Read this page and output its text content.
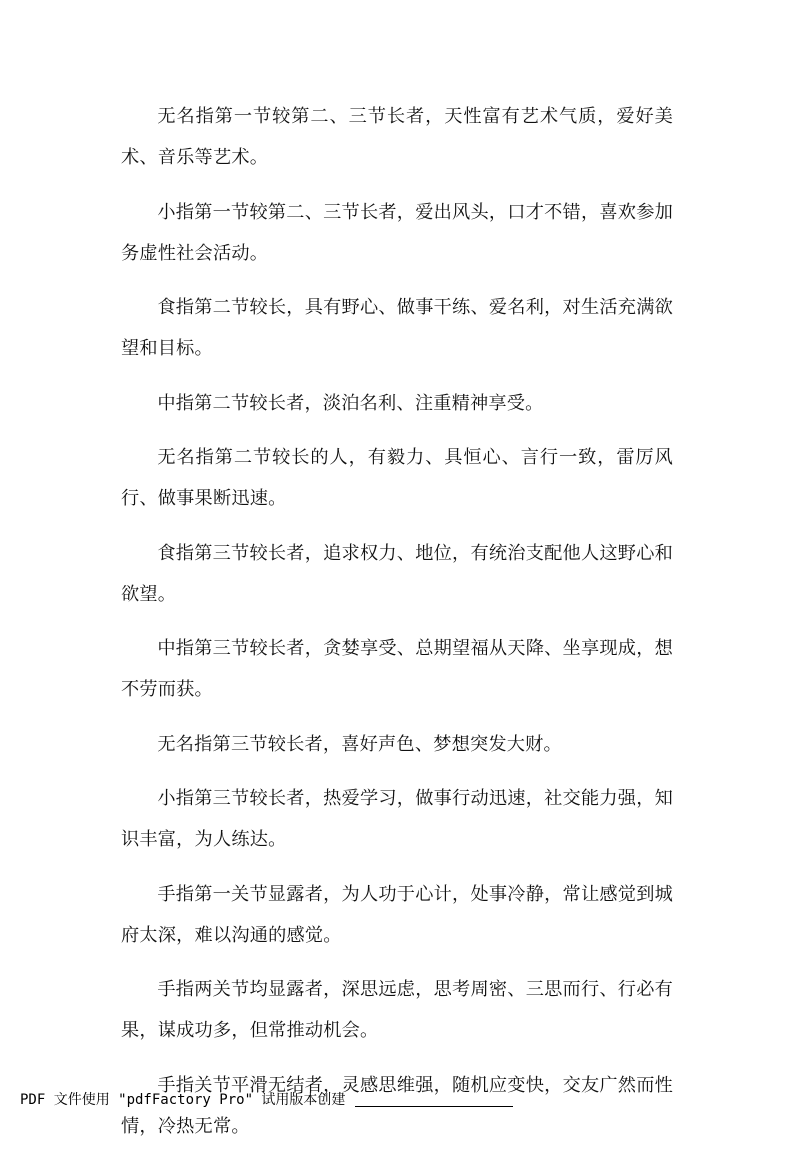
无名指第一节较第二、三节长者，天性富有艺术气质，爱好美术、音乐等艺术。

小指第一节较第二、三节长者，爱出风头，口才不错，喜欢参加务虚性社会活动。

食指第二节较长，具有野心、做事干练、爱名利，对生活充满欲望和目标。

中指第二节较长者，淡泊名利、注重精神享受。

无名指第二节较长的人，有毅力、具恒心、言行一致，雷厉风行、做事果断迅速。

食指第三节较长者，追求权力、地位，有统治支配他人这野心和欲望。

中指第三节较长者，贪婪享受、总期望福从天降、坐享现成，想不劳而获。

无名指第三节较长者，喜好声色、梦想突发大财。

小指第三节较长者，热爱学习，做事行动迅速，社交能力强，知识丰富，为人练达。

手指第一关节显露者，为人功于心计，处事冷静，常让感觉到城府太深，难以沟通的感觉。

手指两关节均显露者，深思远虑，思考周密、三思而行、行必有果，谋成功多，但常推动机会。

手指关节平滑无结者，灵感思维强，随机应变快，交友广然而性情，冷热无常。

PDF 文件使用 "pdfFactory Pro" 试用版本创建
